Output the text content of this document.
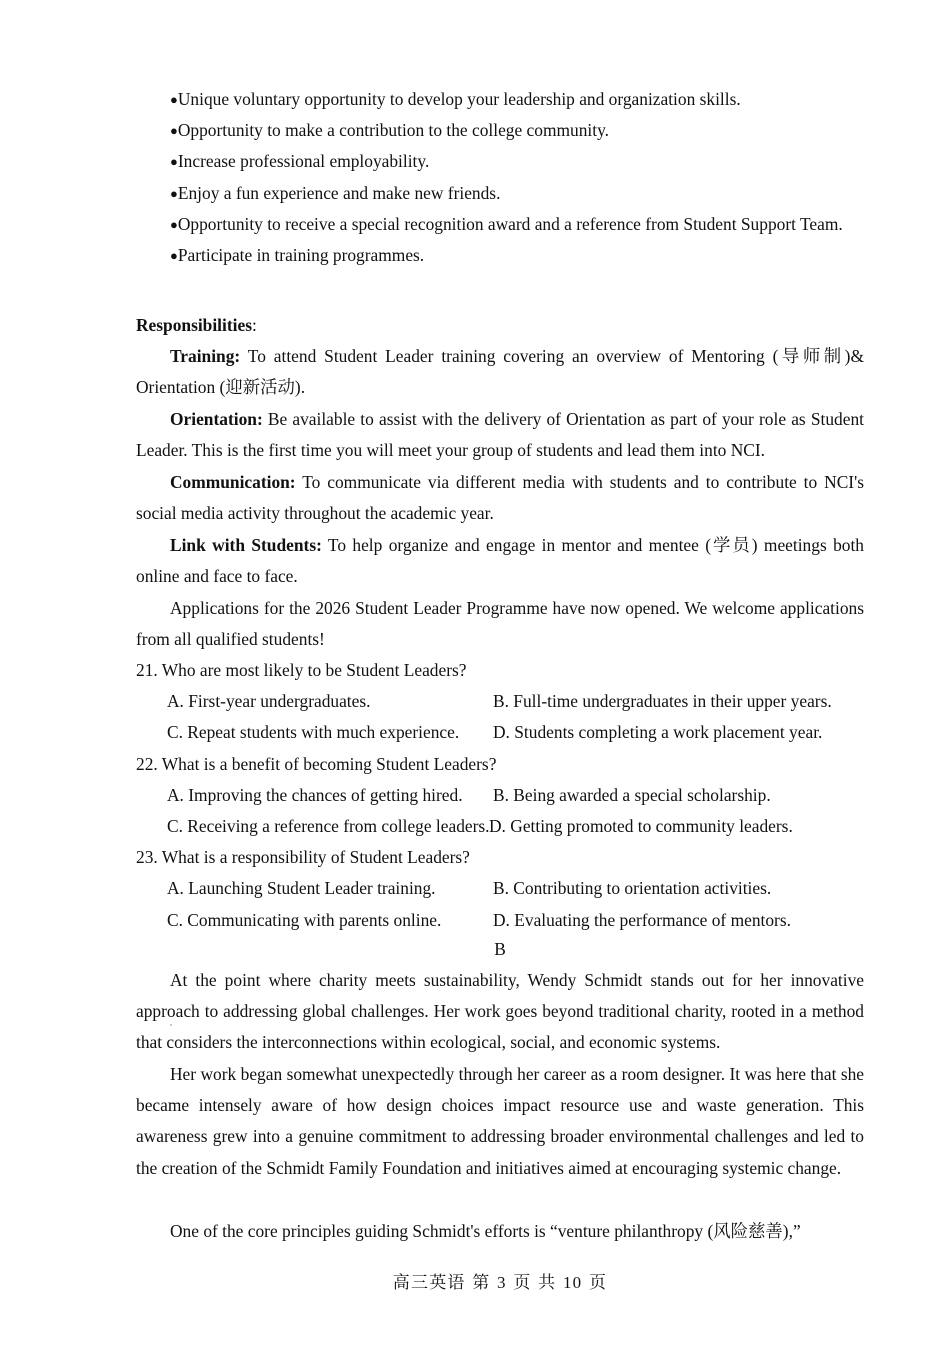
●Unique voluntary opportunity to develop your leadership and organization skills.

●Opportunity to make a contribution to the college community.

●Increase professional employability.

●Enjoy a fun experience and make new friends.

●Opportunity to receive a special recognition award and a reference from Student Support Team.

●Participate in training programmes.

Responsibilities:

Training: To attend Student Leader training covering an overview of Mentoring (导师制)& Orientation (迎新活动).

Orientation: Be available to assist with the delivery of Orientation as part of your role as Student Leader. This is the first time you will meet your group of students and lead them into NCI.

Communication: To communicate via different media with students and to contribute to NCI's social media activity throughout the academic year.

Link with Students: To help organize and engage in mentor and mentee (学员) meetings both online and face to face.

Applications for the 2026 Student Leader Programme have now opened. We welcome applications from all qualified students!

21. Who are most likely to be Student Leaders?

A. First-year undergraduates.	B. Full-time undergraduates in their upper years.
C. Repeat students with much experience. D. Students completing a work placement year.

22. What is a benefit of becoming Student Leaders?

A. Improving the chances of getting hired. B. Being awarded a special scholarship.
C. Receiving a reference from college leaders. D. Getting promoted to community leaders.

23. What is a responsibility of Student Leaders?

A. Launching Student Leader training.	B. Contributing to orientation activities.
C. Communicating with parents online.	D. Evaluating the performance of mentors.
B

At the point where charity meets sustainability, Wendy Schmidt stands out for her innovative approach to addressing global challenges. Her work goes beyond traditional charity, rooted in a method that considers the interconnections within ecological, social, and economic systems.

Her work began somewhat unexpectedly through her career as a room designer. It was here that she became intensely aware of how design choices impact resource use and waste generation. This awareness grew into a genuine commitment to addressing broader environmental challenges and led to the creation of the Schmidt Family Foundation and initiatives aimed at encouraging systemic change.

One of the core principles guiding Schmidt's efforts is “venture philanthropy (风险慈善),”

高三英语 第 3 页 共 10 页
